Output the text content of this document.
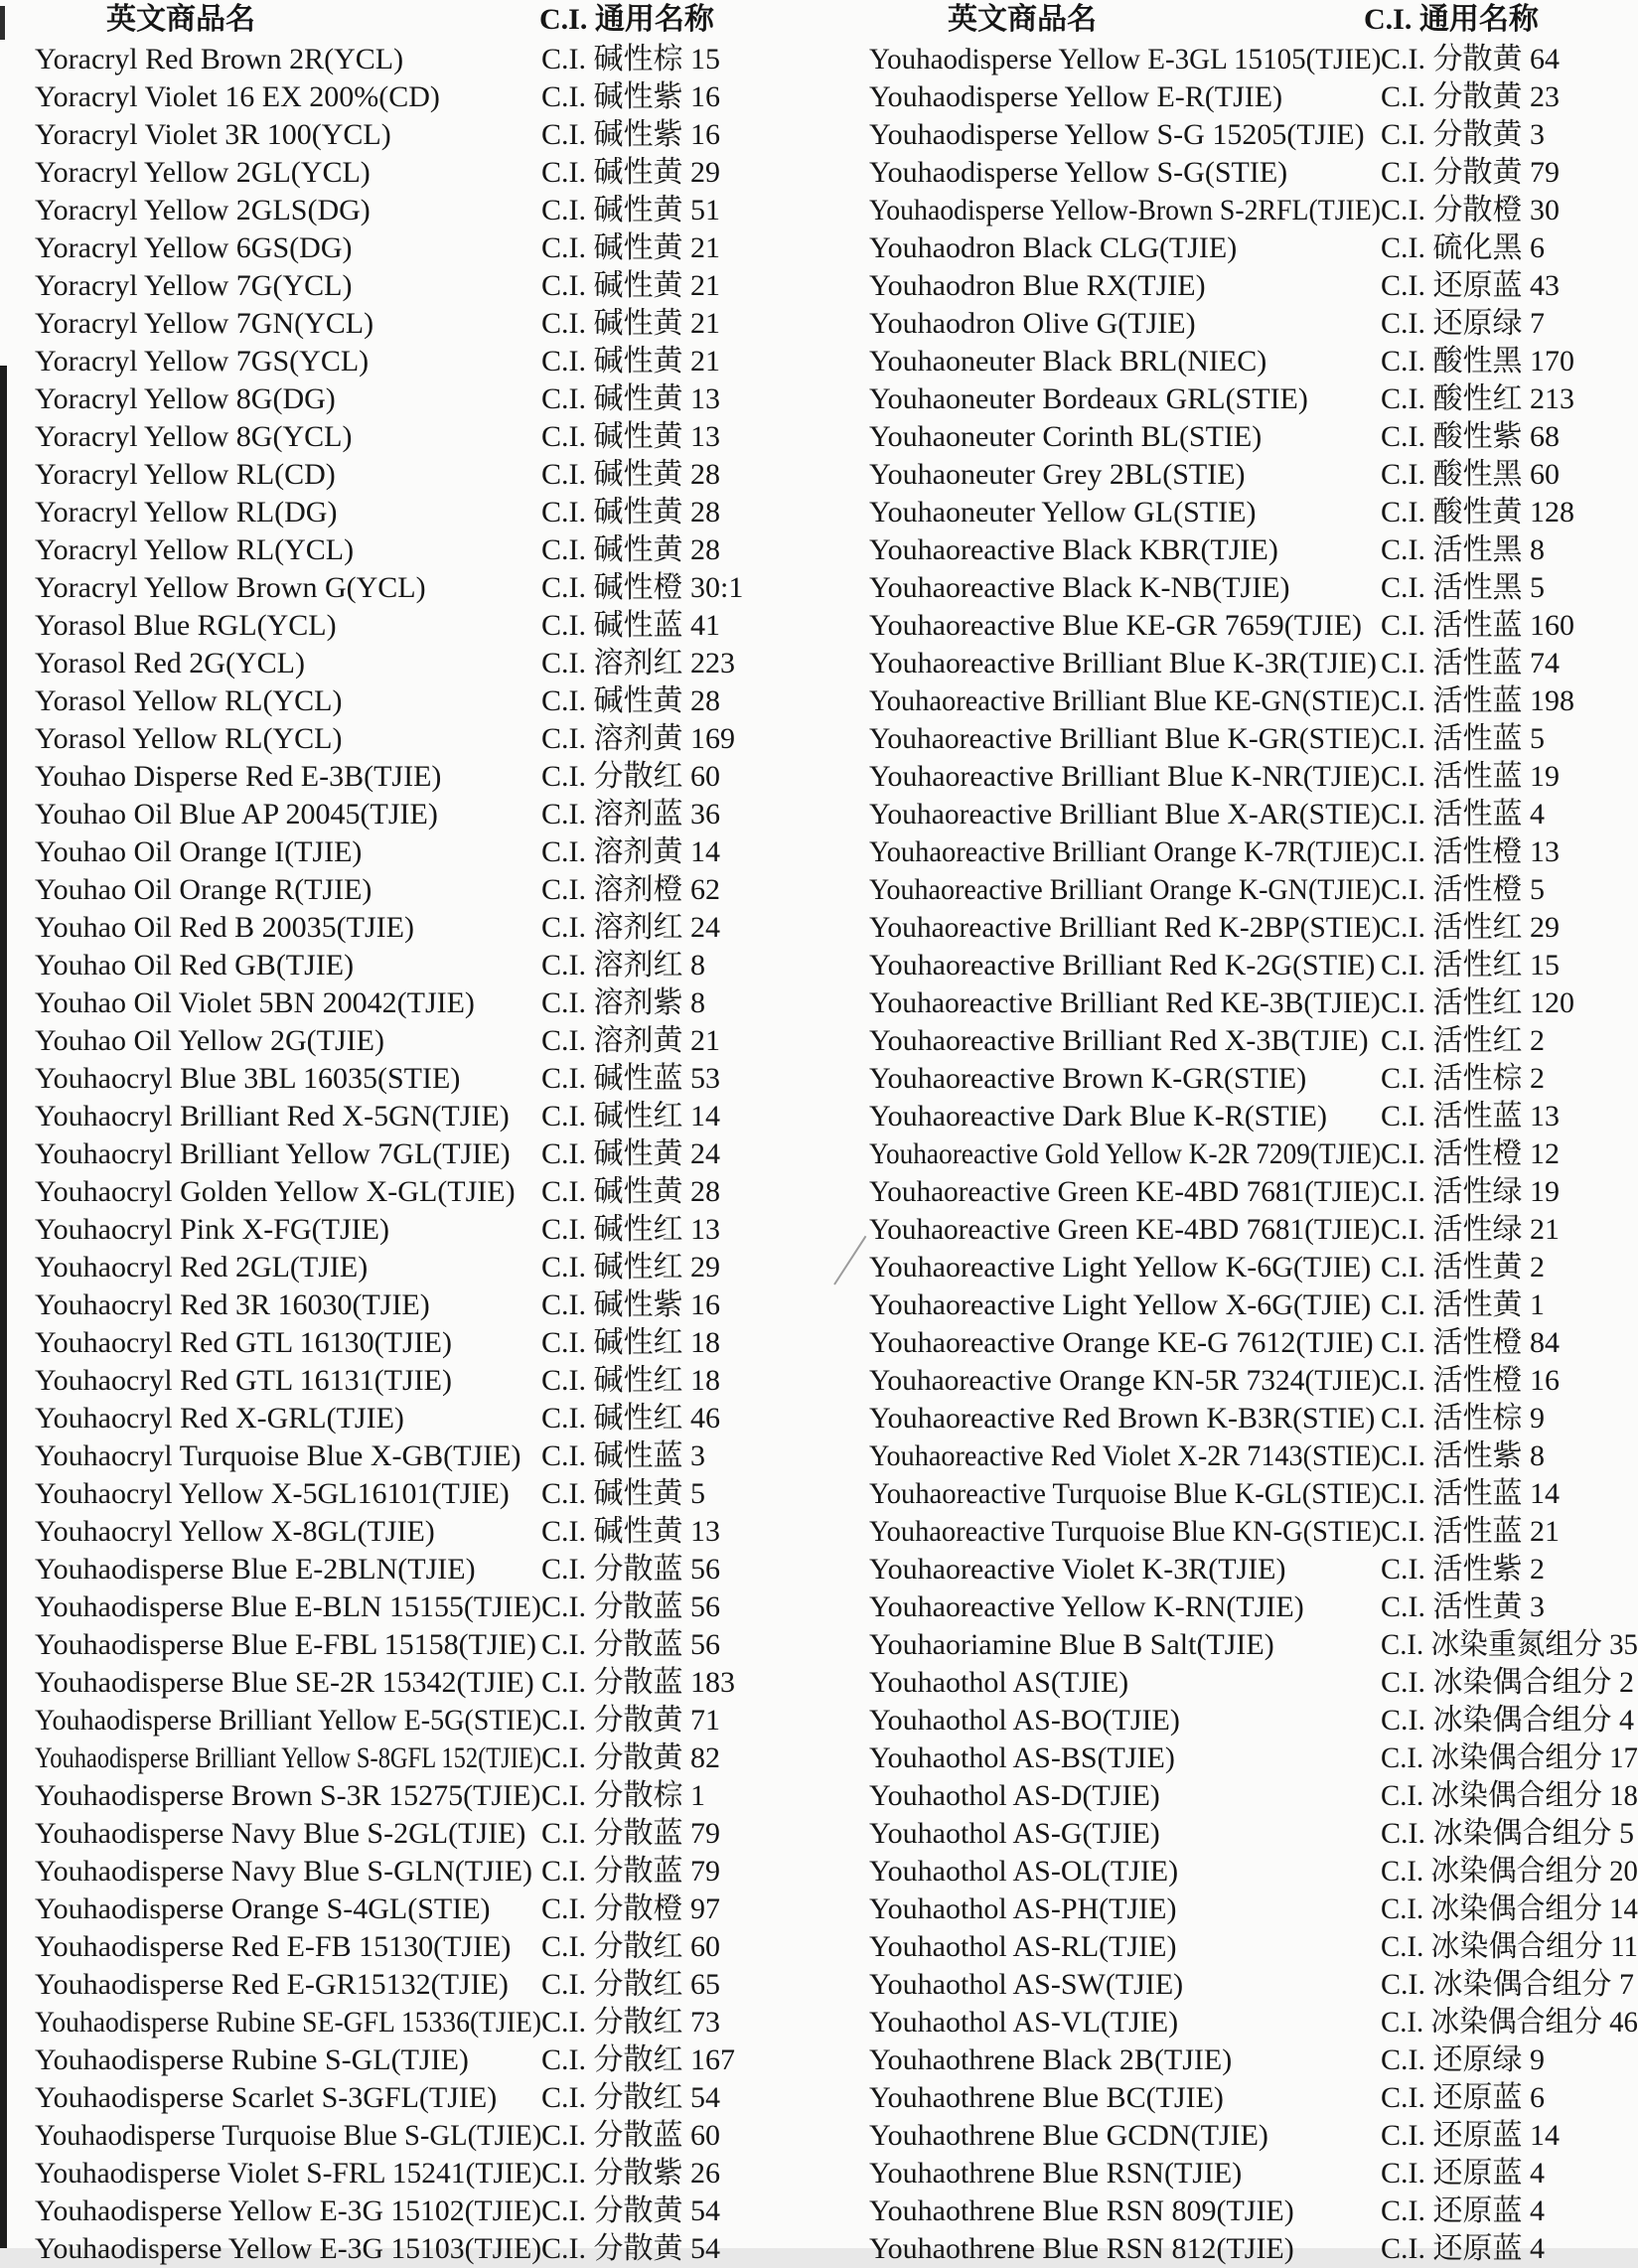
英文商品名	C.I. 通用名称
Yoracryl Red Brown 2R(YCL)	C.I. 碱性棕 15
Yoracryl Violet 16 EX 200%(CD)	C.I. 碱性紫 16
Yoracryl Violet 3R 100(YCL)	C.I. 碱性紫 16
Yoracryl Yellow 2GL(YCL)	C.I. 碱性黄 29
Yoracryl Yellow 2GLS(DG)	C.I. 碱性黄 51
Yoracryl Yellow 6GS(DG)	C.I. 碱性黄 21
Yoracryl Yellow 7G(YCL)	C.I. 碱性黄 21
Yoracryl Yellow 7GN(YCL)	C.I. 碱性黄 21
Yoracryl Yellow 7GS(YCL)	C.I. 碱性黄 21
Yoracryl Yellow 8G(DG)	C.I. 碱性黄 13
Yoracryl Yellow 8G(YCL)	C.I. 碱性黄 13
Yoracryl Yellow RL(CD)	C.I. 碱性黄 28
Yoracryl Yellow RL(DG)	C.I. 碱性黄 28
Yoracryl Yellow RL(YCL)	C.I. 碱性黄 28
Yoracryl Yellow Brown G(YCL)	C.I. 碱性橙 30:1
Yorasol Blue RGL(YCL)	C.I. 碱性蓝 41
Yorasol Red 2G(YCL)	C.I. 溶剂红 223
Yorasol Yellow RL(YCL)	C.I. 碱性黄 28
Yorasol Yellow RL(YCL)	C.I. 溶剂黄 169
Youhao Disperse Red E-3B(TJIE)	C.I. 分散红 60
Youhao Oil Blue AP 20045(TJIE)	C.I. 溶剂蓝 36
Youhao Oil Orange I(TJIE)	C.I. 溶剂黄 14
Youhao Oil Orange R(TJIE)	C.I. 溶剂橙 62
Youhao Oil Red B 20035(TJIE)	C.I. 溶剂红 24
Youhao Oil Red GB(TJIE)	C.I. 溶剂红 8
Youhao Oil Violet 5BN 20042(TJIE) C.I. 溶剂紫 8
Youhao Oil Yellow 2G(TJIE)	C.I. 溶剂黄 21
Youhaocryl Blue 3BL 16035(STIE)	C.I. 碱性蓝 53
Youhaocryl Brilliant Red X-5GN(TJIE) C.I. 碱性红 14
Youhaocryl Brilliant Yellow 7GL(TJIE) C.I. 碱性黄 24
Youhaocryl Golden Yellow X-GL(TJIE) C.I. 碱性黄 28
Youhaocryl Pink X-FG(TJIE)	C.I. 碱性红 13
Youhaocryl Red 2GL(TJIE)	C.I. 碱性红 29
Youhaocryl Red 3R 16030(TJIE)	C.I. 碱性紫 16
Youhaocryl Red GTL 16130(TJIE)	C.I. 碱性红 18
Youhaocryl Red GTL 16131(TJIE)	C.I. 碱性红 18
Youhaocryl Red X-GRL(TJIE)	C.I. 碱性红 46
Youhaocryl Turquoise Blue X-GB(TJIE) C.I. 碱性蓝 3
Youhaocryl Yellow X-5GL16101(TJIE) C.I. 碱性黄 5
Youhaocryl Yellow X-8GL(TJIE)	C.I. 碱性黄 13
Youhaodisperse Blue E-2BLN(TJIE) C.I. 分散蓝 56
Youhaodisperse Blue E-BLN 15155(TJIE) C.I. 分散蓝 56
Youhaodisperse Blue E-FBL 15158(TJIE) C.I. 分散蓝 56
Youhaodisperse Blue SE-2R 15342(TJIE) C.I. 分散蓝 183
Youhaodisperse Brilliant Yellow E-5G(STIE) C.I. 分散黄 71
Youhaodisperse Brilliant Yellow S-8GFL 152(TJIE) C.I. 分散黄 82
Youhaodisperse Brown S-3R 15275(TJIE) C.I. 分散棕 1
Youhaodisperse Navy Blue S-2GL(TJIE) C.I. 分散蓝 79
Youhaodisperse Navy Blue S-GLN(TJIE) C.I. 分散蓝 79
Youhaodisperse Orange S-4GL(STIE) C.I. 分散橙 97
Youhaodisperse Red E-FB 15130(TJIE) C.I. 分散红 60
Youhaodisperse Red E-GR15132(TJIE) C.I. 分散红 65
Youhaodisperse Rubine SE-GFL 15336(TJIE) C.I. 分散红 73
Youhaodisperse Rubine S-GL(TJIE) C.I. 分散红 167
Youhaodisperse Scarlet S-3GFL(TJIE) C.I. 分散红 54
Youhaodisperse Turquoise Blue S-GL(TJIE) C.I. 分散蓝 60
Youhaodisperse Violet S-FRL 15241(TJIE) C.I. 分散紫 26
Youhaodisperse Yellow E-3G 15102(TJIE) C.I. 分散黄 54
Youhaodisperse Yellow E-3G 15103(TJIE) C.I. 分散黄 54
英文商品名	C.I. 通用名称
Youhaodisperse Yellow E-3GL 15105(TJIE) C.I. 分散黄 64
Youhaodisperse Yellow E-R(TJIE)	C.I. 分散黄 23
Youhaodisperse Yellow S-G 15205(TJIE) C.I. 分散黄 3
Youhaodisperse Yellow S-G(STIE)	C.I. 分散黄 79
Youhaodisperse Yellow-Brown S-2RFL(TJIE) C.I. 分散橙 30
Youhaodron Black CLG(TJIE)	C.I. 硫化黑 6
Youhaodron Blue RX(TJIE)	C.I. 还原蓝 43
Youhaodron Olive G(TJIE)	C.I. 还原绿 7
Youhaoneuter Black BRL(NIEC)	C.I. 酸性黑 170
Youhaoneuter Bordeaux GRL(STIE) C.I. 酸性红 213
Youhaoneuter Corinth BL(STIE)	C.I. 酸性紫 68
Youhaoneuter Grey 2BL(STIE)	C.I. 酸性黑 60
Youhaoneuter Yellow GL(STIE)	C.I. 酸性黄 128
Youhaoreactive Black KBR(TJIE)	C.I. 活性黑 8
Youhaoreactive Black K-NB(TJIE)	C.I. 活性黑 5
Youhaoreactive Blue KE-GR 7659(TJIE) C.I. 活性蓝 160
Youhaoreactive Brilliant Blue K-3R(TJIE) C.I. 活性蓝 74
Youhaoreactive Brilliant Blue KE-GN(STIE) C.I. 活性蓝 198
Youhaoreactive Brilliant Blue K-GR(STIE) C.I. 活性蓝 5
Youhaoreactive Brilliant Blue K-NR(TJIE) C.I. 活性蓝 19
Youhaoreactive Brilliant Blue X-AR(STIE) C.I. 活性蓝 4
Youhaoreactive Brilliant Orange K-7R(TJIE) C.I. 活性橙 13
Youhaoreactive Brilliant Orange K-GN(TJIE) C.I. 活性橙 5
Youhaoreactive Brilliant Red K-2BP(STIE) C.I. 活性红 29
Youhaoreactive Brilliant Red K-2G(STIE) C.I. 活性红 15
Youhaoreactive Brilliant Red KE-3B(TJIE) C.I. 活性红 120
Youhaoreactive Brilliant Red X-3B(TJIE) C.I. 活性红 2
Youhaoreactive Brown K-GR(STIE) C.I. 活性棕 2
Youhaoreactive Dark Blue K-R(STIE) C.I. 活性蓝 13
Youhaoreactive Gold Yellow K-2R 7209(TJIE) C.I. 活性橙 12
Youhaoreactive Green KE-4BD 7681(TJIE) C.I. 活性绿 19
Youhaoreactive Green KE-4BD 7681(TJIE) C.I. 活性绿 21
Youhaoreactive Light Yellow K-6G(TJIE) C.I. 活性黄 2
Youhaoreactive Light Yellow X-6G(TJIE) C.I. 活性黄 1
Youhaoreactive Orange KE-G 7612(TJIE) C.I. 活性橙 84
Youhaoreactive Orange KN-5R 7324(TJIE) C.I. 活性橙 16
Youhaoreactive Red Brown K-B3R(STIE) C.I. 活性棕 9
Youhaoreactive Red Violet X-2R 7143(STIE) C.I. 活性紫 8
Youhaoreactive Turquoise Blue K-GL(STIE) C.I. 活性蓝 14
Youhaoreactive Turquoise Blue KN-G(STIE) C.I. 活性蓝 21
Youhaoreactive Violet K-3R(TJIE)	C.I. 活性紫 2
Youhaoreactive Yellow K-RN(TJIE)	C.I. 活性黄 3
Youhaoriamine Blue B Salt(TJIE)	C.I. 冰染重氮组分 35
Youhaothol AS(TJIE)	C.I. 冰染偶合组分 2
Youhaothol AS-BO(TJIE)	C.I. 冰染偶合组分 4
Youhaothol AS-BS(TJIE)	C.I. 冰染偶合组分 17
Youhaothol AS-D(TJIE)	C.I. 冰染偶合组分 18
Youhaothol AS-G(TJIE)	C.I. 冰染偶合组分 5
Youhaothol AS-OL(TJIE)	C.I. 冰染偶合组分 20
Youhaothol AS-PH(TJIE)	C.I. 冰染偶合组分 14
Youhaothol AS-RL(TJIE)	C.I. 冰染偶合组分 11
Youhaothol AS-SW(TJIE)	C.I. 冰染偶合组分 7
Youhaothol AS-VL(TJIE)	C.I. 冰染偶合组分 46
Youhaothrene Black 2B(TJIE)	C.I. 还原绿 9
Youhaothrene Blue BC(TJIE)	C.I. 还原蓝 6
Youhaothrene Blue GCDN(TJIE)	C.I. 还原蓝 14
Youhaothrene Blue RSN(TJIE)	C.I. 还原蓝 4
Youhaothrene Blue RSN 809(TJIE)	C.I. 还原蓝 4
Youhaothrene Blue RSN 812(TJIE)	C.I. 还原蓝 4
